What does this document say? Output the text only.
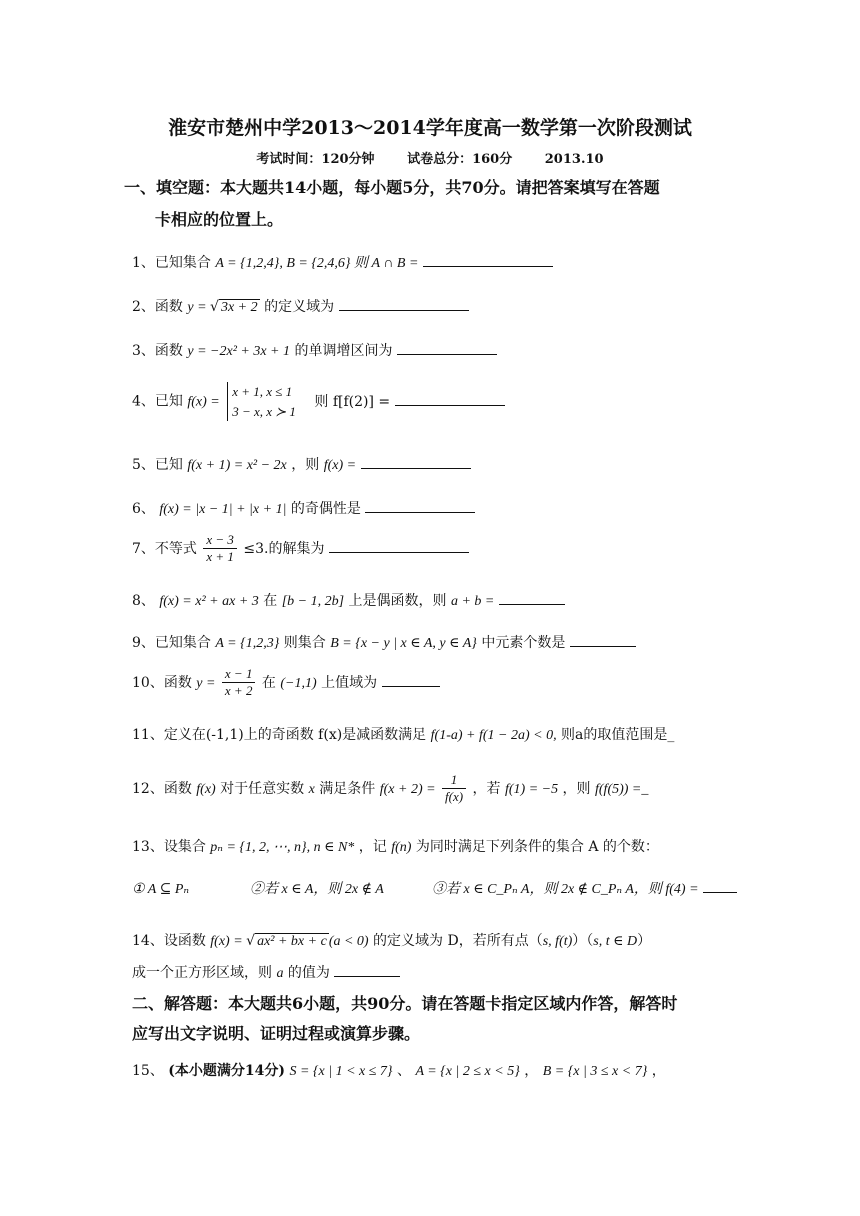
淮安市楚州中学2013～2014学年度高一数学第一次阶段测试
考试时间：120分钟	试卷总分：160分	2013.10
一、填空题：本大题共14小题，每小题5分，共70分。请把答案填写在答题
卡相应的位置上。
1、已知集合 A = {1,2,4}, B = {2,4,6} 则 A ∩ B =
2、函数 y = √ 3x + 2 的定义域为
3、函数 y = −2x² + 3x + 1 的单调增区间为
4、已知 f(x) =
x + 1, x ≤ 1
3 − x, x ≻ 1
则 f[f(2)] =
5、已知 f(x + 1) = x² − 2x ，则 f(x) =
6、 f(x) = |x − 1| + |x + 1| 的奇偶性是
7、不等式 $\frac{x - 3}{x + 1} \le 3$.的解集为
8、 f(x) = x² + ax + 3 在 [b − 1, 2b] 上是偶函数，则 a + b =
9、已知集合 A = {1,2,3} 则集合 B = {x − y | x ∈ A, y ∈ A} 中元素个数是
10、函数 $y = \frac{x - 1}{x + 2}$ 在 (−1,1) 上值域为
11、定义在(-1,1)上的奇函数 f(x)是减函数满足 f(1-a) + f(1 − 2a) < 0, 则a的取值范围是_
12、函数 f(x) 对于任意实数 x 满足条件 $f(x + 2) = \frac{1}{f(x)}$ ，若 f(1) = −5 ，则 f(f(5)) =_
13、设集合 pₙ = {1, 2, ⋯, n}, n ∈ N* ，记 f(n) 为同时满足下列条件的集合 A 的个数：
① A ⊆ Pₙ	②若 x ∈ A，则 2x ∉ A	③若 x ∈ C_Pₙ A，则 2x ∉ C_Pₙ A，则 f(4) =
14、设函数 f(x) = √ ax² + bx + c (a < 0) 的定义域为 D，若所有点（s, f(t)）（s, t ∈ D）
成一个正方形区域，则 a 的值为
二、解答题：本大题共6小题，共90分。请在答题卡指定区域内作答，解答时
应写出文字说明、证明过程或演算步骤。
15、 (本小题满分14分) S = {x | 1 < x ≤ 7} 、 A = {x | 2 ≤ x < 5} ， B = {x | 3 ≤ x < 7} ，
